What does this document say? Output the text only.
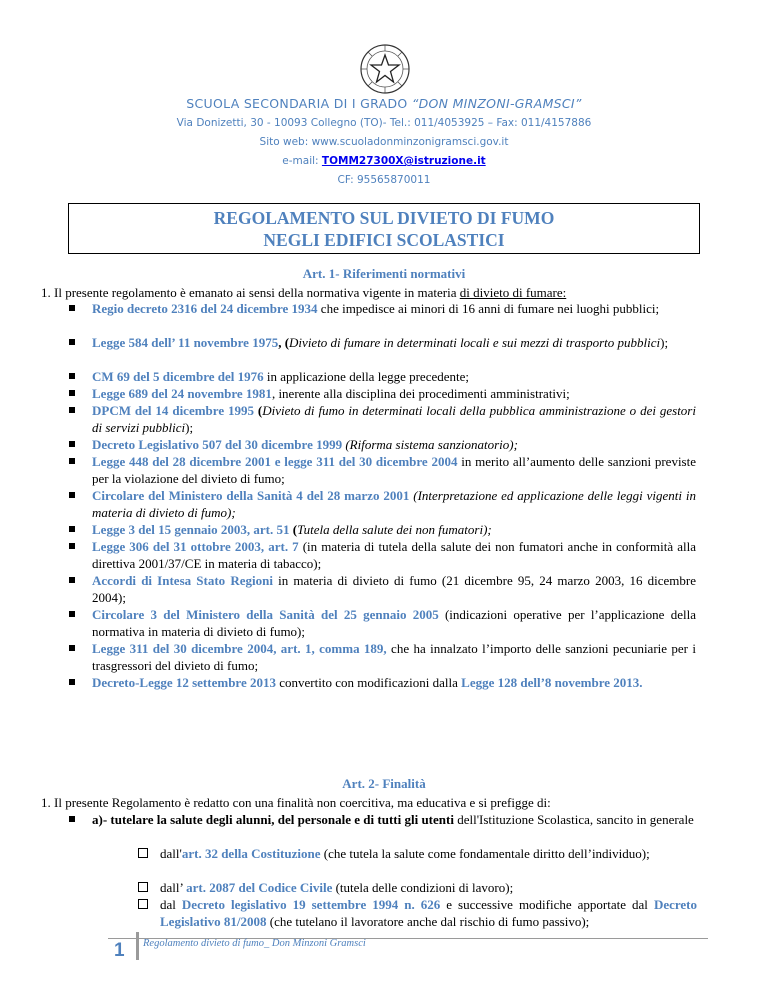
SCUOLA SECONDARIA DI I GRADO “DON MINZONI-GRAMSCI”
Via Donizetti, 30 - 10093 Collegno (TO)- Tel.: 011/4053925 – Fax: 011/4157886
Sito web: www.scuoladonminzonigramsci.gov.it
e-mail: TOMM27300X@istruzione.it
CF: 95565870011
REGOLAMENTO SUL DIVIETO DI FUMO
NEGLI EDIFICI SCOLASTICI
Art. 1- Riferimenti normativi
1. Il presente regolamento è emanato ai sensi della normativa vigente in materia di divieto di fumare:
Regio decreto 2316 del 24 dicembre 1934 che impedisce ai minori di 16 anni di fumare nei luoghi pubblici;
Legge 584 dell’ 11 novembre 1975, (Divieto di fumare in determinati locali e sui mezzi di trasporto pubblici);
CM 69 del 5 dicembre del 1976 in applicazione della legge precedente;
Legge 689 del 24 novembre 1981, inerente alla disciplina dei procedimenti amministrativi;
DPCM del 14 dicembre 1995 (Divieto di fumo in determinati locali della pubblica amministrazione o dei gestori di servizi pubblici);
Decreto Legislativo 507 del 30 dicembre 1999 (Riforma sistema sanzionatorio);
Legge 448 del 28 dicembre 2001 e legge 311 del 30 dicembre 2004 in merito all’aumento delle sanzioni previste per la violazione del divieto di fumo;
Circolare del Ministero della Sanità 4 del 28 marzo 2001 (Interpretazione ed applicazione delle leggi vigenti in materia di divieto di fumo);
Legge 3 del 15 gennaio 2003, art. 51 (Tutela della salute dei non fumatori);
Legge 306 del 31 ottobre 2003, art. 7 (in materia di tutela della salute dei non fumatori anche in conformità alla direttiva 2001/37/CE in materia di tabacco);
Accordi di Intesa Stato Regioni in materia di divieto di fumo (21 dicembre 95, 24 marzo 2003, 16 dicembre 2004);
Circolare 3 del Ministero della Sanità del 25 gennaio 2005 (indicazioni operative per l’applicazione della normativa in materia di divieto di fumo);
Legge 311 del 30 dicembre 2004, art. 1, comma 189, che ha innalzato l’importo delle sanzioni pecuniarie per i trasgressori del divieto di fumo;
Decreto-Legge 12 settembre 2013 convertito con modificazioni dalla Legge 128 dell’8 novembre 2013.
Art. 2- Finalità
1. Il presente Regolamento è redatto con una finalità non coercitiva, ma educativa e si prefigge di:
a)- tutelare la salute degli alunni, del personale e di tutti gli utenti dell'Istituzione Scolastica, sancito in generale
dall'art. 32 della Costituzione (che tutela la salute come fondamentale diritto dell’individuo);
dall’ art. 2087 del Codice Civile (tutela delle condizioni di lavoro);
dal Decreto legislativo 19 settembre 1994 n. 626 e successive modifiche apportate dal Decreto Legislativo 81/2008 (che tutelano il lavoratore anche dal rischio di fumo passivo);
1 Regolamento divieto di fumo_ Don Minzoni Gramsci
